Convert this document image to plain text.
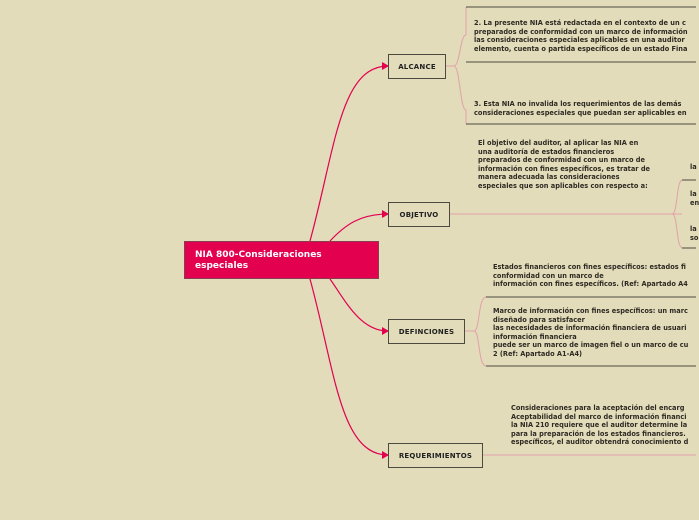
NIA 800-Consideraciones especiales
ALCANCE
OBJETIVO
DEFINCIONES
REQUERIMIENTOS
2. La presente NIA está redactada en el contexto de un c
preparados de conformidad con un marco de información
las consideraciones especiales aplicables en una auditor
elemento, cuenta o partida específicos de un estado Fina
3. Esta NIA no invalida los requerimientos de las demás
consideraciones especiales que puedan ser aplicables en
El objetivo del auditor, al aplicar las NIA en una auditoría de estados financieros preparados de conformidad con un marco de información con fines específicos, es tratar de manera adecuada las consideraciones especiales que son aplicables con respecto a:
la
la
en
la
so
Estados financieros con fines específicos: estados fi
conformidad con un marco de
información con fines específicos. (Ref: Apartado A4
Marco de información con fines específicos: un marc
diseñado para satisfacer
las necesidades de información financiera de usuari
información financiera
puede ser un marco de imagen fiel o un marco de cu
2 (Ref: Apartado A1-A4)
Consideraciones para la aceptación del encarg
Aceptabilidad del marco de información financi
la NIA 210 requiere que el auditor determine la
para la preparación de los estados financieros.
específicos, el auditor obtendrá conocimiento d
